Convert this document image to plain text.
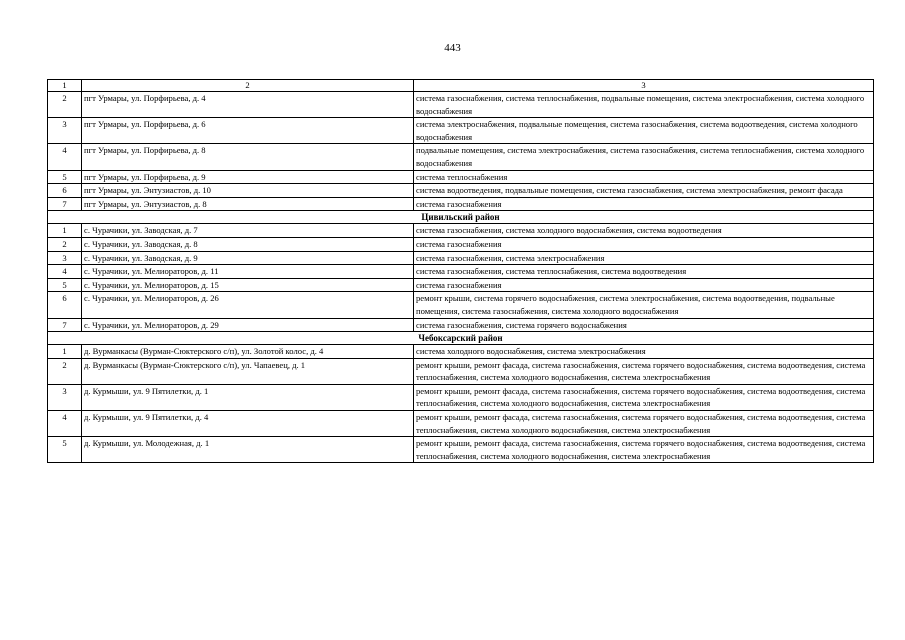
443
1	2	3
2	пгт Урмары, ул. Порфирьева, д. 4	система газоснабжения, система теплоснабжения, подвальные помещения, система электроснабжения, система холодного водоснабжения
3	пгт Урмары, ул. Порфирьева, д. 6	система электроснабжения, подвальные помещения, система газоснабжения, система водоотведения, система холодного водоснабжения
4	пгт Урмары, ул. Порфирьева, д. 8	подвальные помещения, система электроснабжения, система газоснабжения, система теплоснабжения, система холодного водоснабжения
5	пгт Урмары, ул. Порфирьева, д. 9	система теплоснабжения
6	пгт Урмары, ул. Энтузиастов, д. 10	система водоотведения, подвальные помещения, система газоснабжения, система электроснабжения, ремонт фасада
7	пгт Урмары, ул. Энтузиастов, д. 8	система газоснабжения
Цивильский район		
1	с. Чурачики, ул. Заводская, д. 7	система газоснабжения, система холодного водоснабжения, система водоотведения
2	с. Чурачики, ул. Заводская, д. 8	система газоснабжения
3	с. Чурачики, ул. Заводская, д. 9	система газоснабжения, система электроснабжения
4	с. Чурачики, ул. Мелиораторов, д. 11	система газоснабжения, система теплоснабжения, система водоотведения
5	с. Чурачики, ул. Мелиораторов, д. 15	система газоснабжения
6	с. Чурачики, ул. Мелиораторов, д. 26	ремонт крыши, система горячего водоснабжения, система электроснабжения, система водоотведения, подвальные помещения, система газоснабжения, система холодного водоснабжения
7	с. Чурачики, ул. Мелиораторов, д. 29	система газоснабжения, система горячего водоснабжения
Чебоксарский район		
1	д. Вурманкасы (Вурман-Сюктерского с/п), ул. Золотой колос, д. 4	система холодного водоснабжения, система электроснабжения
2	д. Вурманкасы (Вурман-Сюктерского с/п), ул. Чапаевец, д. 1	ремонт крыши, ремонт фасада, система газоснабжения, система горячего водоснабжения, система водоотведения, система теплоснабжения, система холодного водоснабжения, система электроснабжения
3	д. Курмыши, ул. 9 Пятилетки, д. 1	ремонт крыши, ремонт фасада, система газоснабжения, система горячего водоснабжения, система водоотведения, система теплоснабжения, система холодного водоснабжения, система электроснабжения
4	д. Курмыши, ул. 9 Пятилетки, д. 4	ремонт крыши, ремонт фасада, система газоснабжения, система горячего водоснабжения, система водоотведения, система теплоснабжения, система холодного водоснабжения, система электроснабжения
5	д. Курмыши, ул. Молодежная, д. 1	ремонт крыши, ремонт фасада, система газоснабжения, система горячего водоснабжения, система водоотведения, система теплоснабжения, система холодного водоснабжения, система электроснабжения
